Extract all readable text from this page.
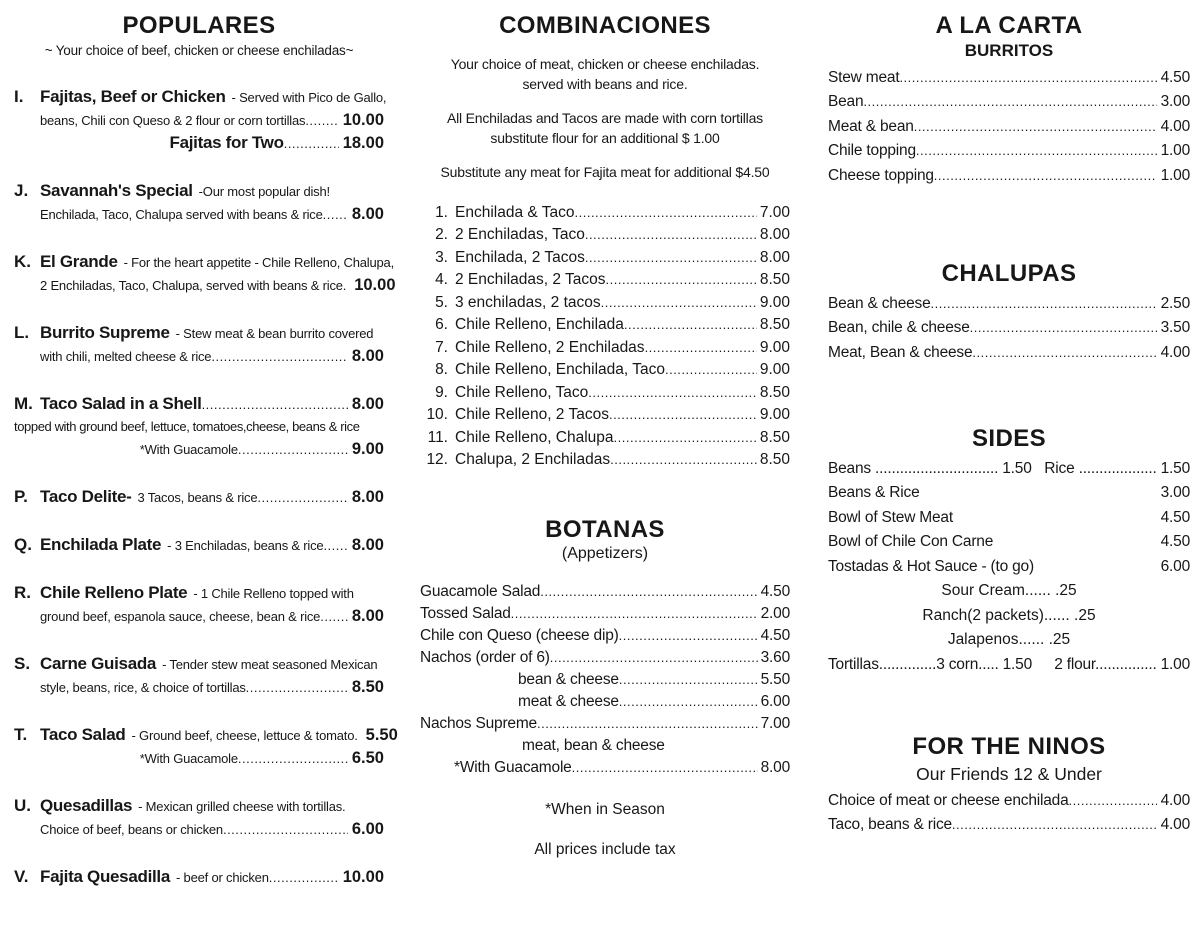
POPULARES
~ Your choice of beef, chicken or cheese enchiladas~
I. Fajitas, Beef or Chicken - Served with Pico de Gallo,
beans, Chili con Queso & 2 flour or corn tortillas ..... 10.00
Fajitas for Two .....	18.00
J. Savannah's Special -Our most popular dish!
Enchilada, Taco, Chalupa served with beans & rice ..... 8.00
K. El Grande - For the heart appetite - Chile Relleno, Chalupa,
2 Enchiladas, Taco, Chalupa, served with beans & rice. 10.00
L. Burrito Supreme - Stew meat & bean burrito covered
with chili, melted cheese & rice .....	8.00
M. Taco Salad in a Shell .....	8.00
topped with ground beef, lettuce, tomatoes,cheese, beans & rice
*With Guacamole .....	9.00
P. Taco Delite- 3 Tacos, beans & rice .....	8.00
Q. Enchilada Plate - 3 Enchiladas, beans & rice ..... 8.00
R. Chile Relleno Plate - 1 Chile Relleno topped with
ground beef, espanola sauce, cheese, bean & rice ..... 8.00
S. Carne Guisada - Tender stew meat seasoned Mexican
style, beans, rice, & choice of tortillas .....	8.50
T. Taco Salad - Ground beef, cheese, lettuce & tomato. 5.50
*With Guacamole .....	6.50
U. Quesadillas - Mexican grilled cheese with tortillas.
Choice of beef, beans or chicken .....	6.00
V. Fajita Quesadilla - beef or chicken .....	10.00
COMBINACIONES
Your choice of meat, chicken or cheese enchiladas.
served with beans and rice.
All Enchiladas and Tacos are made with corn tortillas
substitute flour for an additional $ 1.00
Substitute any meat for Fajita meat for additional $4.50
1. Enchilada & Taco .....	7.00
2. 2 Enchiladas, Taco .....	8.00
3. Enchilada, 2 Tacos .....	8.00
4. 2 Enchiladas, 2 Tacos .....	8.50
5. 3 enchiladas, 2 tacos .....	9.00
6. Chile Relleno, Enchilada .....	8.50
7. Chile Relleno, 2 Enchiladas .....	9.00
8. Chile Relleno, Enchilada, Taco .....	9.00
9. Chile Relleno, Taco .....	8.50
10. Chile Relleno, 2 Tacos .....	9.00
11. Chile Relleno, Chalupa .....	8.50
12. Chalupa, 2 Enchiladas .....	8.50
BOTANAS
(Appetizers)
Guacamole Salad .....	4.50
Tossed Salad .....	2.00
Chile con Queso (cheese dip) .....	4.50
Nachos (order of 6) .....	3.60
bean & cheese .....	5.50
meat & cheese .....	6.00
Nachos Supreme .....	7.00
meat, bean & cheese
*With Guacamole .....	8.00
*When in Season
All prices include tax
A LA CARTA
BURRITOS
Stew meat .....	4.50
Bean .....	3.00
Meat & bean .....	4.00
Chile topping .....	1.00
Cheese topping .....	1.00
CHALUPAS
Bean & cheese .....	2.50
Bean, chile & cheese .....	3.50
Meat, Bean & cheese .....	4.00
SIDES
Beans .............................. 1.50 Rice ................... 1.50
Beans & Rice	3.00
Bowl of Stew Meat	4.50
Bowl of Chile Con Carne	4.50
Tostadas & Hot Sauce - (to go)	6.00
Sour Cream...... .25
Ranch(2 packets)...... .25
Jalapenos...... .25
Tortillas..............3 corn..... 1.50 2 flour............... 1.00
FOR THE NINOS
Our Friends 12 & Under
Choice of meat or cheese enchilada .....	4.00
Taco, beans & rice .....	4.00
